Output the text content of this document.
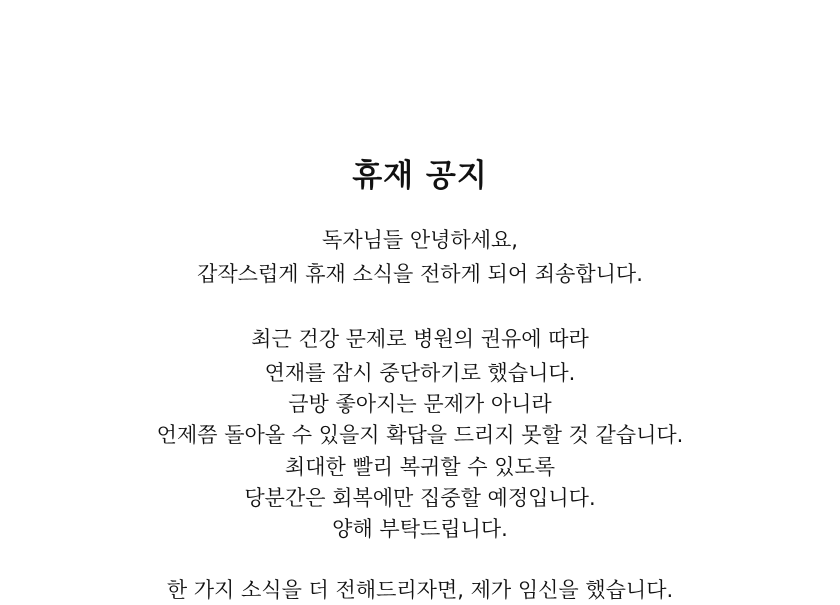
휴재 공지

독자님들 안녕하세요,

갑작스럽게 휴재 소식을 전하게 되어 죄송합니다.

최근 건강 문제로 병원의 권유에 따라

연재를 잠시 중단하기로 했습니다.

금방 좋아지는 문제가 아니라

언제쯤 돌아올 수 있을지 확답을 드리지 못할 것 같습니다.

최대한 빨리 복귀할 수 있도록

당분간은 회복에만 집중할 예정입니다.

양해 부탁드립니다.

한 가지 소식을 더 전해드리자면, 제가 임신을 했습니다.
